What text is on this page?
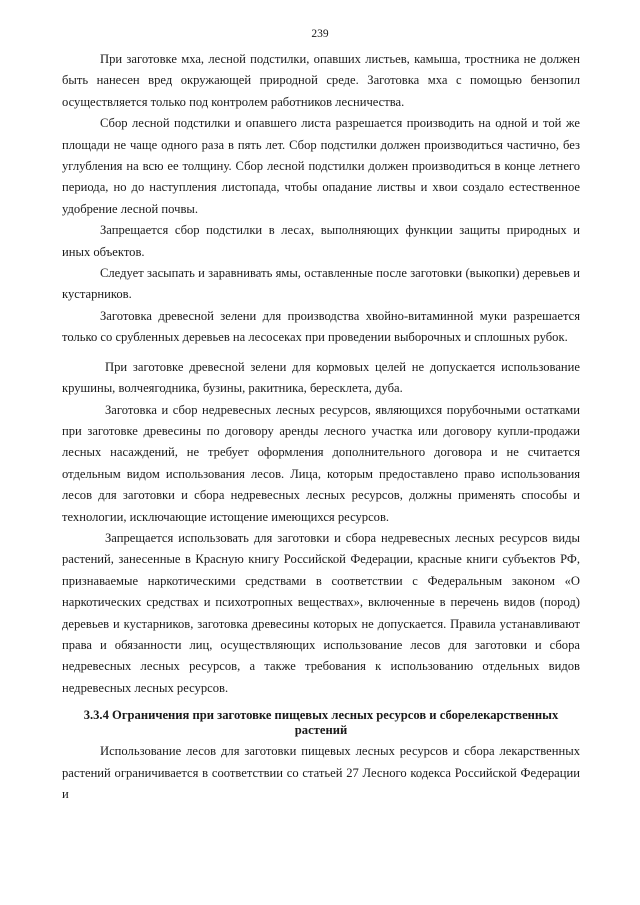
239

При заготовке мха, лесной подстилки, опавших листьев, камыша, тростника не должен быть нанесен вред окружающей природной среде. Заготовка мха с помощью бензопил осуществляется только под контролем работников лесничества.

Сбор лесной подстилки и опавшего листа разрешается производить на одной и той же площади не чаще одного раза в пять лет. Сбор подстилки должен производиться частично, без углубления на всю ее толщину. Сбор лесной подстилки должен производиться в конце летнего периода, но до наступления листопада, чтобы опадание листвы и хвои создало естественное удобрение лесной почвы.

Запрещается сбор подстилки в лесах, выполняющих функции защиты природных и иных объектов.

Следует засыпать и заравнивать ямы, оставленные после заготовки (выкопки) деревьев и кустарников.

Заготовка древесной зелени для производства хвойно-витаминной муки разрешается только со срубленных деревьев на лесосеках при проведении выборочных и сплошных рубок.

При заготовке древесной зелени для кормовых целей не допускается использование крушины, волчеягодника, бузины, ракитника, бересклета, дуба.

Заготовка и сбор недревесных лесных ресурсов, являющихся порубочными остатками при заготовке древесины по договору аренды лесного участка или договору купли-продажи лесных насаждений, не требует оформления дополнительного договора и не считается отдельным видом использования лесов. Лица, которым предоставлено право использования лесов для заготовки и сбора недревесных лесных ресурсов, должны применять способы и технологии, исключающие истощение имеющихся ресурсов.

Запрещается использовать для заготовки и сбора недревесных лесных ресурсов виды растений, занесенные в Красную книгу Российской Федерации, красные книги субъектов РФ, признаваемые наркотическими средствами в соответствии с Федеральным законом «О наркотических средствах и психотропных веществах», включенные в перечень видов (пород) деревьев и кустарников, заготовка древесины которых не допускается. Правила устанавливают права и обязанности лиц, осуществляющих использование лесов для заготовки и сбора недревесных лесных ресурсов, а также требования к использованию отдельных видов недревесных лесных ресурсов.

3.3.4 Ограничения при заготовке пищевых лесных ресурсов и сборелекарственных растений

Использование лесов для заготовки пищевых лесных ресурсов и сбора лекарственных растений ограничивается в соответствии со статьей 27 Лесного кодекса Российской Федерации и
